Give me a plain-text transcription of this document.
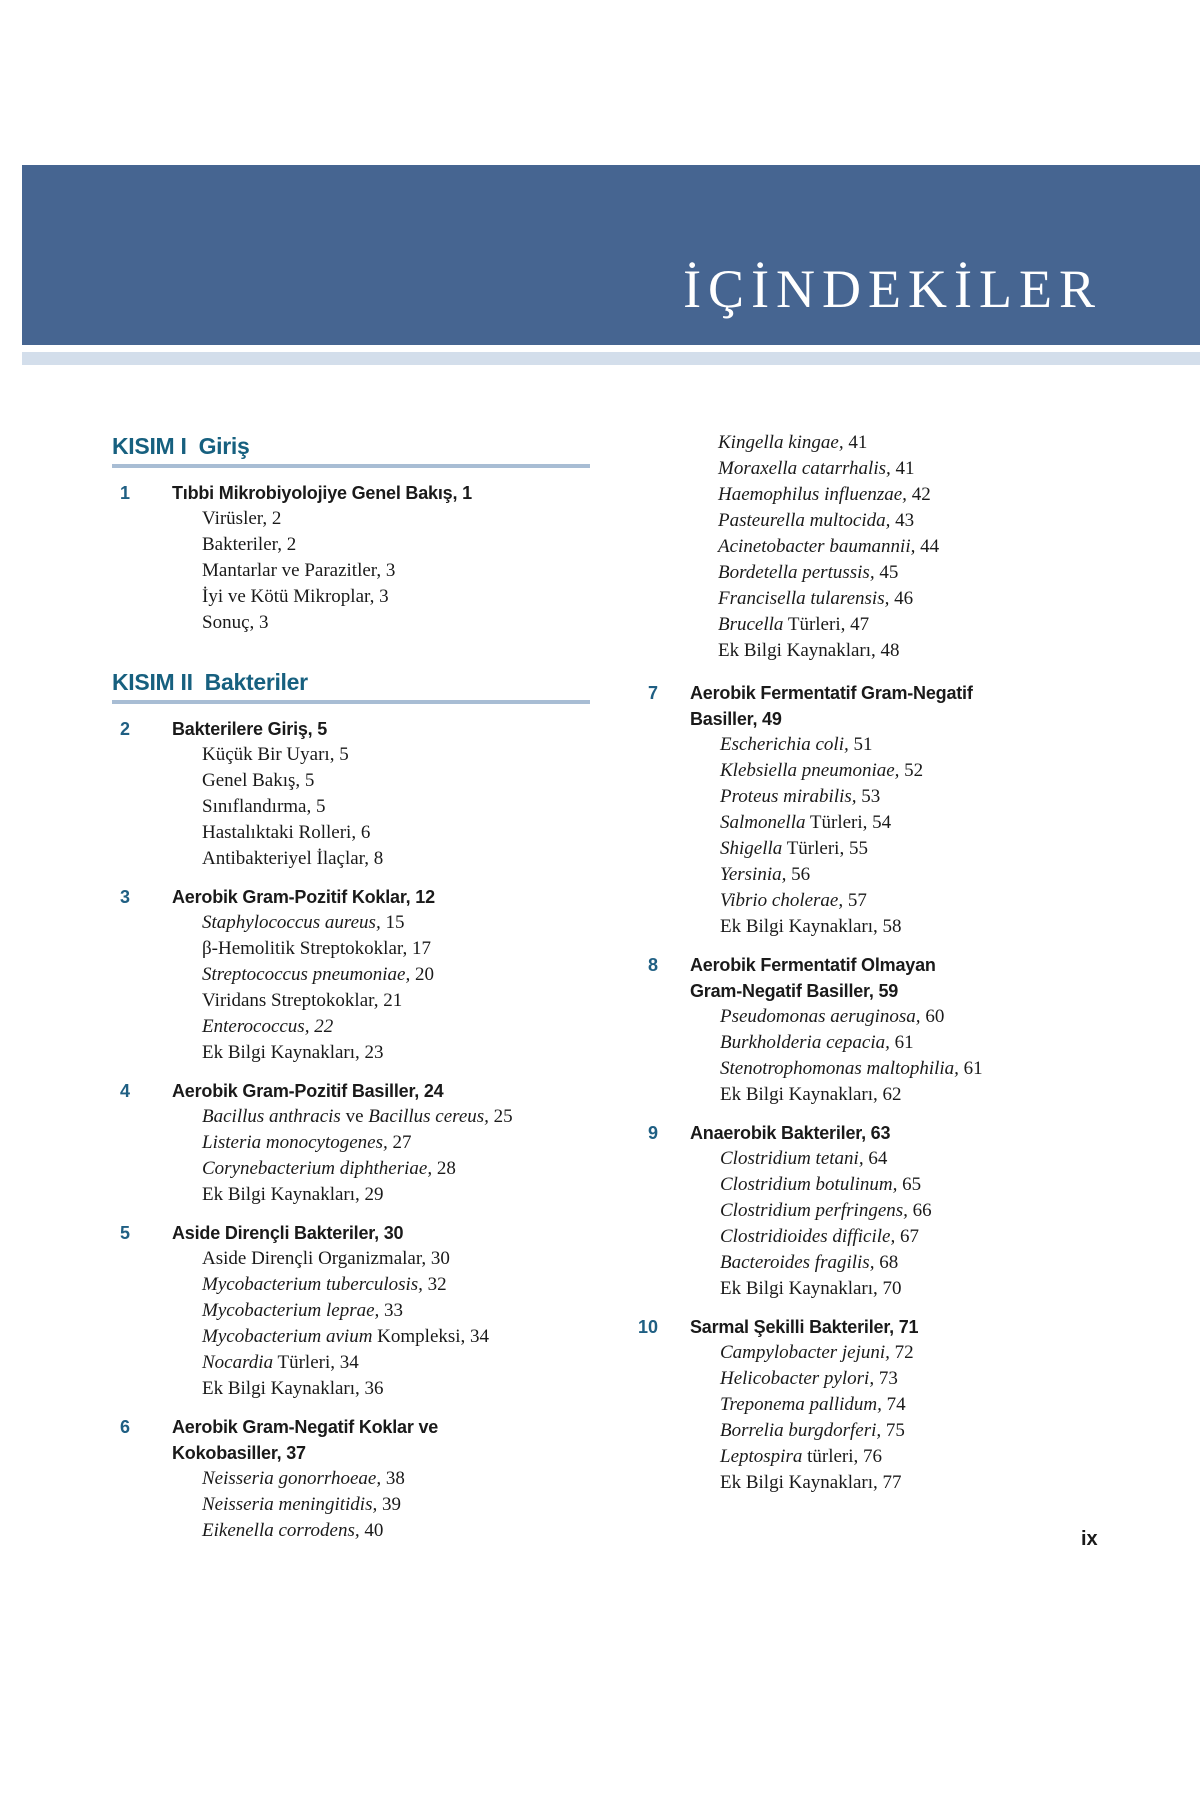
İÇİNDEKİLER
KISIM I Giriş
1	Tıbbi Mikrobiyolojiye Genel Bakış, 1
Virüsler, 2
Bakteriler, 2
Mantarlar ve Parazitler, 3
İyi ve Kötü Mikroplar, 3
Sonuç, 3
KISIM II Bakteriler
2	Bakterilere Giriş, 5
Küçük Bir Uyarı, 5
Genel Bakış, 5
Sınıflandırma, 5
Hastalıktaki Rolleri, 6
Antibakteriyel İlaçlar, 8
3	Aerobik Gram-Pozitif Koklar, 12
Staphylococcus aureus, 15
β-Hemolitik Streptokoklar, 17
Streptococcus pneumoniae, 20
Viridans Streptokoklar, 21
Enterococcus, 22
Ek Bilgi Kaynakları, 23
4	Aerobik Gram-Pozitif Basiller, 24
Bacillus anthracis ve Bacillus cereus, 25
Listeria monocytogenes, 27
Corynebacterium diphtheriae, 28
Ek Bilgi Kaynakları, 29
5	Aside Dirençli Bakteriler, 30
Aside Dirençli Organizmalar, 30
Mycobacterium tuberculosis, 32
Mycobacterium leprae, 33
Mycobacterium avium Kompleksi, 34
Nocardia Türleri, 34
Ek Bilgi Kaynakları, 36
6	Aerobik Gram-Negatif Koklar ve
Kokobasiller, 37
Neisseria gonorrhoeae, 38
Neisseria meningitidis, 39
Eikenella corrodens, 40
Kingella kingae, 41
Moraxella catarrhalis, 41
Haemophilus influenzae, 42
Pasteurella multocida, 43
Acinetobacter baumannii, 44
Bordetella pertussis, 45
Francisella tularensis, 46
Brucella Türleri, 47
Ek Bilgi Kaynakları, 48
7 Aerobik Fermentatif Gram-Negatif
Basiller, 49
Escherichia coli, 51
Klebsiella pneumoniae, 52
Proteus mirabilis, 53
Salmonella Türleri, 54
Shigella Türleri, 55
Yersinia, 56
Vibrio cholerae, 57
Ek Bilgi Kaynakları, 58
8 Aerobik Fermentatif Olmayan
Gram-Negatif Basiller, 59
Pseudomonas aeruginosa, 60
Burkholderia cepacia, 61
Stenotrophomonas maltophilia, 61
Ek Bilgi Kaynakları, 62
9 Anaerobik Bakteriler, 63
Clostridium tetani, 64
Clostridium botulinum, 65
Clostridium perfringens, 66
Clostridioides difficile, 67
Bacteroides fragilis, 68
Ek Bilgi Kaynakları, 70
10 Sarmal Şekilli Bakteriler, 71
Campylobacter jejuni, 72
Helicobacter pylori, 73
Treponema pallidum, 74
Borrelia burgdorferi, 75
Leptospira türleri, 76
Ek Bilgi Kaynakları, 77
ix
